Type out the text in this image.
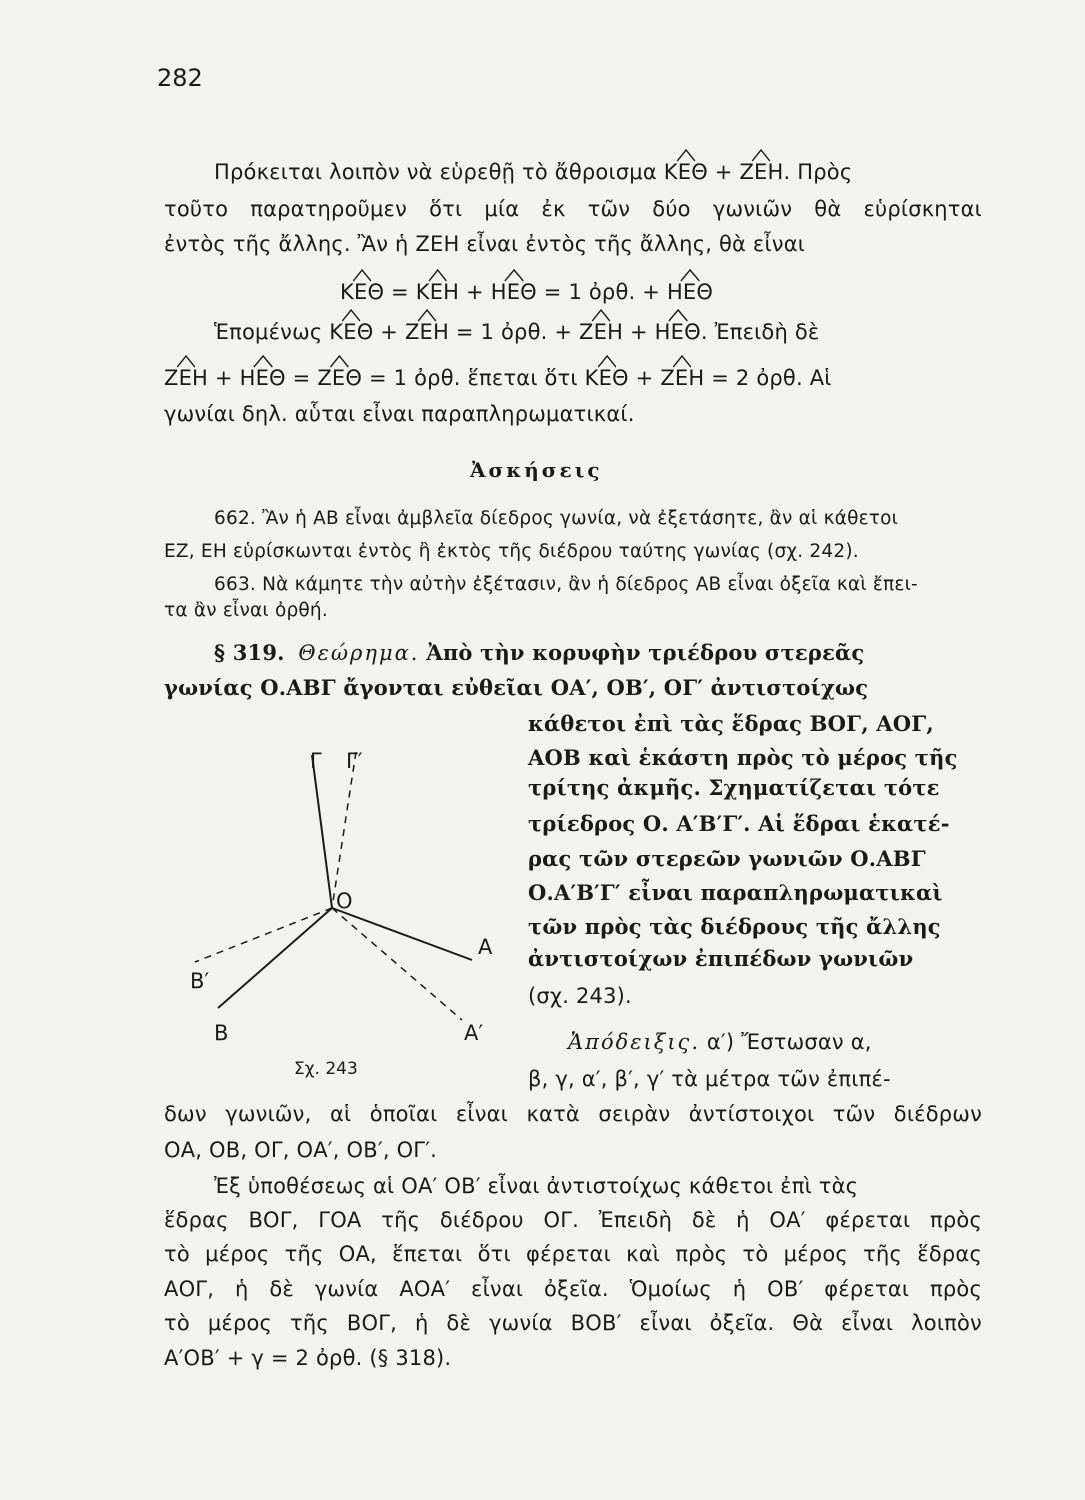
282
Πρόκειται λοιπὸν νὰ εὑρεθῇ τὸ ἄθροισμα
ΚΕΘ +
ΖΕΗ. Πρὸς
τοῦτο παρατηροῦμεν ὅτι μία ἐκ τῶν δύο γωνιῶν θὰ εὑρίσκηται
ἐντὸς τῆς ἄλλης. Ἂν ἡ ΖΕΗ εἶναι ἐντὸς τῆς ἄλλης, θὰ εἶναι
ΚΕΘ =
ΚΕΗ +
ΗΕΘ = 1 ὀρθ. +
ΗΕΘ
Ἑπομένως
ΚΕΘ +
ΖΕΗ = 1 ὀρθ. +
ΖΕΗ +
ΗΕΘ. Ἐπειδὴ δὲ
ΖΕΗ +
ΗΕΘ =
ΖΕΘ = 1 ὀρθ. ἕπεται ὅτι
ΚΕΘ +
ΖΕΗ = 2 ὀρθ. Αἱ
γωνίαι δηλ. αὗται εἶναι παραπληρωματικαί.
Ἀσκήσεις
662. Ἂν ἡ ΑΒ εἶναι ἀμβλεῖα δίεδρος γωνία, νὰ ἐξετάσητε, ἂν αἱ κάθετοι
ΕΖ, ΕΗ εὑρίσκωνται ἐντὸς ἢ ἐκτὸς τῆς διέδρου ταύτης γωνίας (σχ. 242).
663. Νὰ κάμητε τὴν αὐτὴν ἐξέτασιν, ἂν ἡ δίεδρος ΑΒ εἶναι ὀξεῖα καὶ ἔπει-
τα ἂν εἶναι ὀρθή.
§ 319. Θεώρημα. Ἀπὸ τὴν κορυφὴν τριέδρου στερεᾶς
γωνίας Ο.ΑΒΓ ἄγονται εὐθεῖαι ΟΑ′, ΟΒ′, ΟΓ′ ἀντιστοίχως
κάθετοι ἐπὶ τὰς ἕδρας ΒΟΓ, ΑΟΓ,
ΑΟΒ καὶ ἑκάστη πρὸς τὸ μέρος τῆς
τρίτης ἀκμῆς. Σχηματίζεται τότε
τρίεδρος Ο. Α′Β′Γ′. Αἱ ἕδραι ἑκατέ-
ρας τῶν στερεῶν γωνιῶν Ο.ΑΒΓ
Ο.Α′Β′Γ′ εἶναι παραπληρωματικαὶ
τῶν πρὸς τὰς διέδρους τῆς ἄλλης
ἀντιστοίχων ἐπιπέδων γωνιῶν
(σχ. 243).
Ἀπόδειξις. α′) Ἔστωσαν α,
β, γ, α′, β′, γ′ τὰ μέτρα τῶν ἐπιπέ-
δων γωνιῶν, αἱ ὁποῖαι εἶναι κατὰ σειρὰν ἀντίστοιχοι τῶν διέδρων
ΟΑ, ΟΒ, ΟΓ, ΟΑ′, ΟΒ′, ΟΓ′.
Ἐξ ὑποθέσεως αἱ ΟΑ′ ΟΒ′ εἶναι ἀντιστοίχως κάθετοι ἐπὶ τὰς
ἕδρας ΒΟΓ, ΓΟΑ τῆς διέδρου ΟΓ. Ἐπειδὴ δὲ ἡ ΟΑ′ φέρεται πρὸς
τὸ μέρος τῆς ΟΑ, ἕπεται ὅτι φέρεται καὶ πρὸς τὸ μέρος τῆς ἕδρας
ΑΟΓ, ἡ δὲ γωνία ΑΟΑ′ εἶναι ὀξεῖα. Ὁμοίως ἡ ΟΒ′ φέρεται πρὸς
τὸ μέρος τῆς ΒΟΓ, ἡ δὲ γωνία ΒΟΒ′ εἶναι ὀξεῖα. Θὰ εἶναι λοιπὸν
Α′ΟΒ′ + γ = 2 ὀρθ. (§ 318).
Γ Γ′
Ο
Α
Α′
Β′
Β
Σχ. 243
